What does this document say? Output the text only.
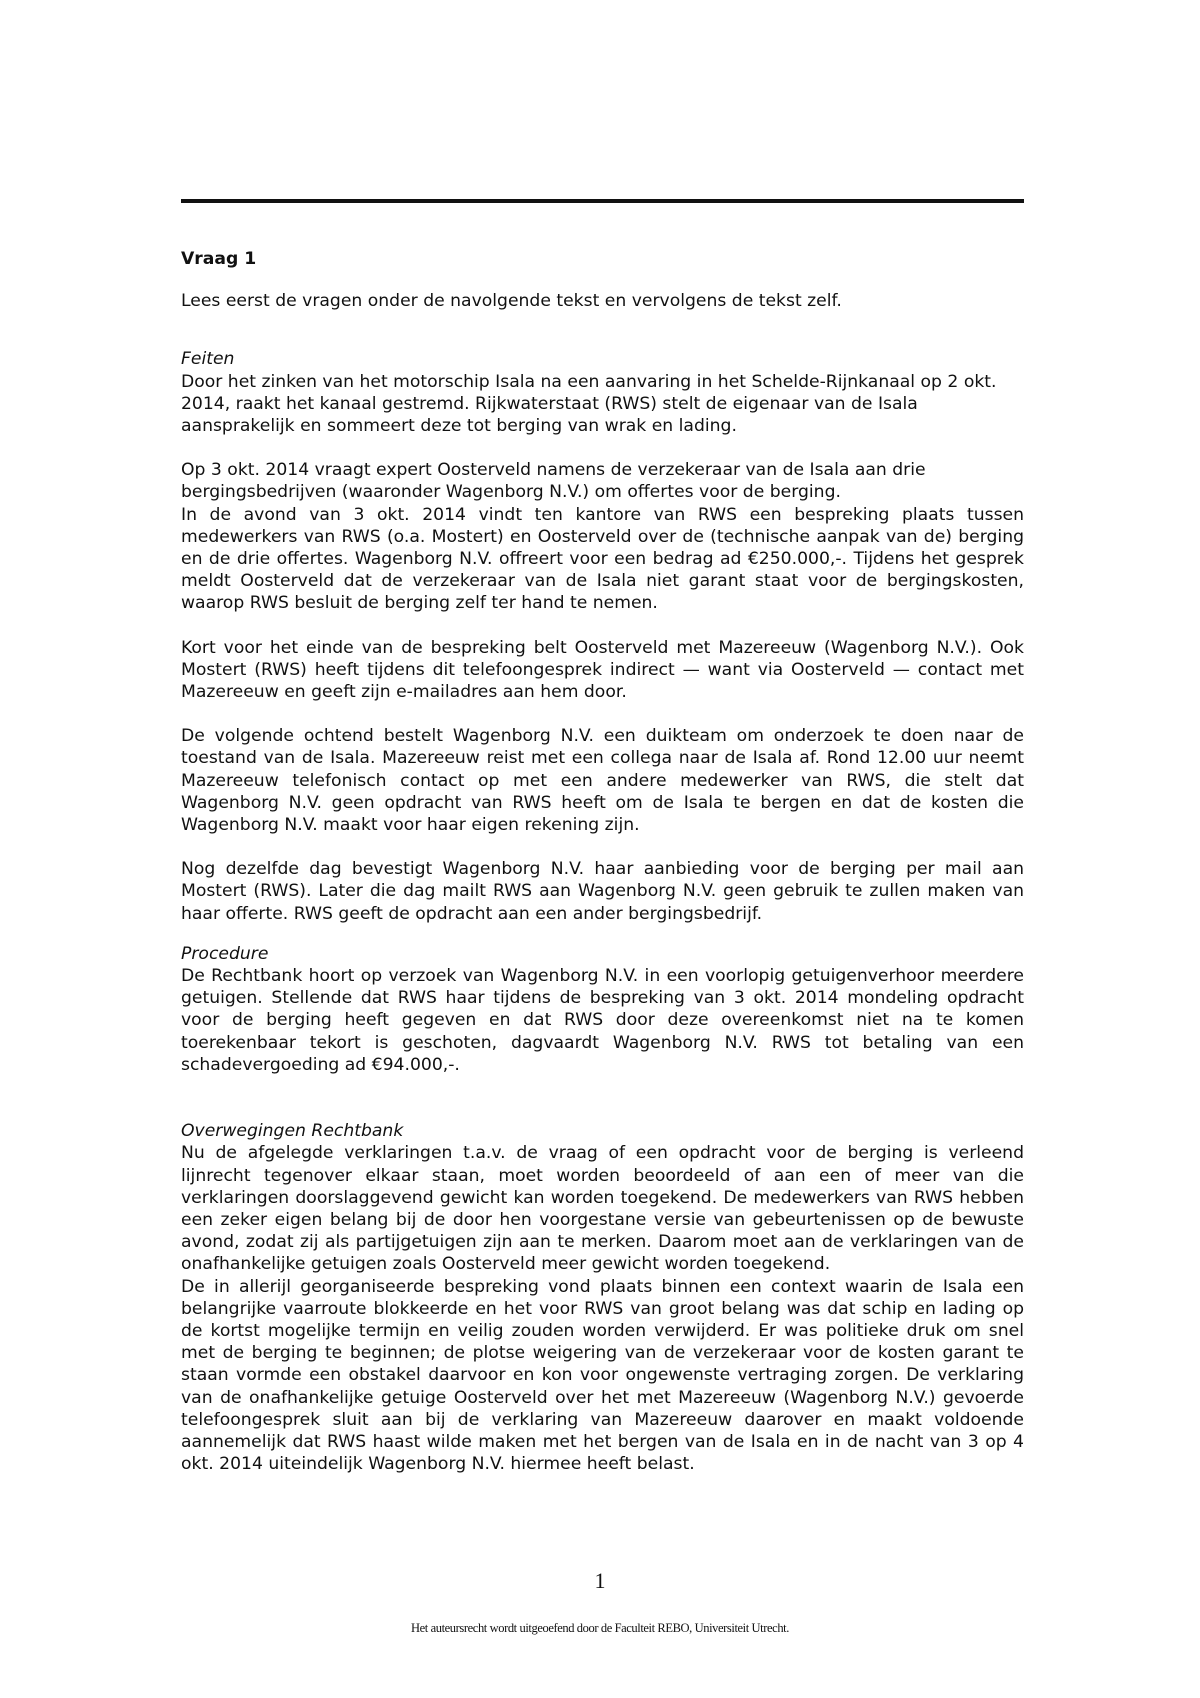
Vraag 1

Lees eerst de vragen onder de navolgende tekst en vervolgens de tekst zelf.

Feiten

Door het zinken van het motorschip Isala na een aanvaring in het Schelde-Rijnkanaal op 2 okt. 2014, raakt het kanaal gestremd. Rijkwaterstaat (RWS) stelt de eigenaar van de Isala aansprakelijk en sommeert deze tot berging van wrak en lading.

Op 3 okt. 2014 vraagt expert Oosterveld namens de verzekeraar van de Isala aan drie bergingsbedrijven (waaronder Wagenborg N.V.) om offertes voor de berging.

In de avond van 3 okt. 2014 vindt ten kantore van RWS een bespreking plaats tussen medewerkers van RWS (o.a. Mostert) en Oosterveld over de (technische aanpak van de) berging en de drie offertes. Wagenborg N.V. offreert voor een bedrag ad €250.000,-. Tijdens het gesprek meldt Oosterveld dat de verzekeraar van de Isala niet garant staat voor de bergingskosten, waarop RWS besluit de berging zelf ter hand te nemen.

Kort voor het einde van de bespreking belt Oosterveld met Mazereeuw (Wagenborg N.V.). Ook Mostert (RWS) heeft tijdens dit telefoongesprek indirect — want via Oosterveld — contact met Mazereeuw en geeft zijn e-mailadres aan hem door.

De volgende ochtend bestelt Wagenborg N.V. een duikteam om onderzoek te doen naar de toestand van de Isala. Mazereeuw reist met een collega naar de Isala af. Rond 12.00 uur neemt Mazereeuw telefonisch contact op met een andere medewerker van RWS, die stelt dat Wagenborg N.V. geen opdracht van RWS heeft om de Isala te bergen en dat de kosten die Wagenborg N.V. maakt voor haar eigen rekening zijn.

Nog dezelfde dag bevestigt Wagenborg N.V. haar aanbieding voor de berging per mail aan Mostert (RWS). Later die dag mailt RWS aan Wagenborg N.V. geen gebruik te zullen maken van haar offerte. RWS geeft de opdracht aan een ander bergingsbedrijf.

Procedure

De Rechtbank hoort op verzoek van Wagenborg N.V. in een voorlopig getuigenverhoor meerdere getuigen. Stellende dat RWS haar tijdens de bespreking van 3 okt. 2014 mondeling opdracht voor de berging heeft gegeven en dat RWS door deze overeenkomst niet na te komen toerekenbaar tekort is geschoten, dagvaardt Wagenborg N.V. RWS tot betaling van een schadevergoeding ad €94.000,-.

Overwegingen Rechtbank

Nu de afgelegde verklaringen t.a.v. de vraag of een opdracht voor de berging is verleend lijnrecht tegenover elkaar staan, moet worden beoordeeld of aan een of meer van die verklaringen doorslaggevend gewicht kan worden toegekend. De medewerkers van RWS hebben een zeker eigen belang bij de door hen voorgestane versie van gebeurtenissen op de bewuste avond, zodat zij als partijgetuigen zijn aan te merken. Daarom moet aan de verklaringen van de onafhankelijke getuigen zoals Oosterveld meer gewicht worden toegekend.

De in allerijl georganiseerde bespreking vond plaats binnen een context waarin de Isala een belangrijke vaarroute blokkeerde en het voor RWS van groot belang was dat schip en lading op de kortst mogelijke termijn en veilig zouden worden verwijderd. Er was politieke druk om snel met de berging te beginnen; de plotse weigering van de verzekeraar voor de kosten garant te staan vormde een obstakel daarvoor en kon voor ongewenste vertraging zorgen. De verklaring van de onafhankelijke getuige Oosterveld over het met Mazereeuw (Wagenborg N.V.) gevoerde telefoongesprek sluit aan bij de verklaring van Mazereeuw daarover en maakt voldoende aannemelijk dat RWS haast wilde maken met het bergen van de Isala en in de nacht van 3 op 4 okt. 2014 uiteindelijk Wagenborg N.V. hiermee heeft belast.

1
Het auteursrecht wordt uitgeoefend door de Faculteit REBO, Universiteit Utrecht.
